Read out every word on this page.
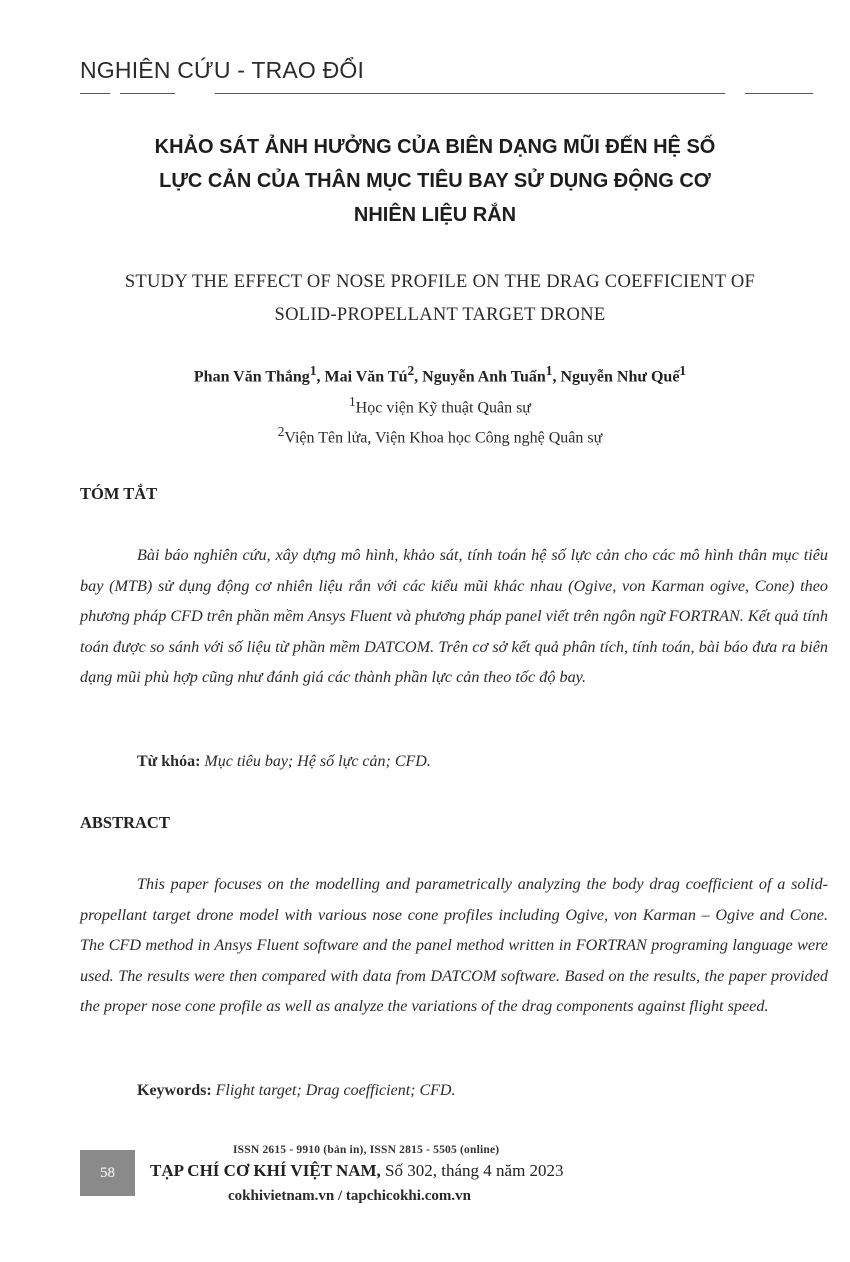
NGHIÊN CỨU - TRAO ĐỔI
KHẢO SÁT ẢNH HƯỞNG CỦA BIÊN DẠNG MŨI ĐẾN HỆ SỐ
LỰC CẢN CỦA THÂN MỤC TIÊU BAY SỬ DỤNG ĐỘNG CƠ
NHIÊN LIỆU RẮN
STUDY THE EFFECT OF NOSE PROFILE ON THE DRAG COEFFICIENT OF
SOLID-PROPELLANT TARGET DRONE
Phan Văn Thắng$^1$, Mai Văn $Tú^2$, Nguyễn Anh Tuấn$^1$, Nguyễn Như Quế$^1$
$^1$Học viện Kỹ thuật Quân sự
$^2$Viện Tên lửa, Viện Khoa học Công nghệ Quân sự
TÓM TẮT
Bài báo nghiên cứu, xây dựng mô hình, khảo sát, tính toán hệ số lực cản cho các mô hình thân mục tiêu bay (MTB) sử dụng động cơ nhiên liệu rắn với các kiểu mũi khác nhau (Ogive, von Karman ogive, Cone) theo phương pháp CFD trên phần mềm Ansys Fluent và phương pháp panel viết trên ngôn ngữ FORTRAN. Kết quả tính toán được so sánh với số liệu từ phần mềm DATCOM. Trên cơ sở kết quả phân tích, tính toán, bài báo đưa ra biên dạng mũi phù hợp cũng như đánh giá các thành phần lực cản theo tốc độ bay.
Từ khóa: Mục tiêu bay; Hệ số lực cản; CFD.
ABSTRACT
This paper focuses on the modelling and parametrically analyzing the body drag coefficient of a solid-propellant target drone model with various nose cone profiles including Ogive, von Karman – Ogive and Cone. The CFD method in Ansys Fluent software and the panel method written in FORTRAN programing language were used. The results were then compared with data from DATCOM software. Based on the results, the paper provided the proper nose cone profile as well as analyze the variations of the drag components against flight speed.
Keywords: Flight target; Drag coefficient; CFD.
58
ISSN 2615 - 9910 (bản in), ISSN 2815 - 5505 (online)
TẠP CHÍ CƠ KHÍ VIỆT NAM, Số 302, tháng 4 năm 2023
cokhivietnam.vn / tapchicokhi.com.vn
